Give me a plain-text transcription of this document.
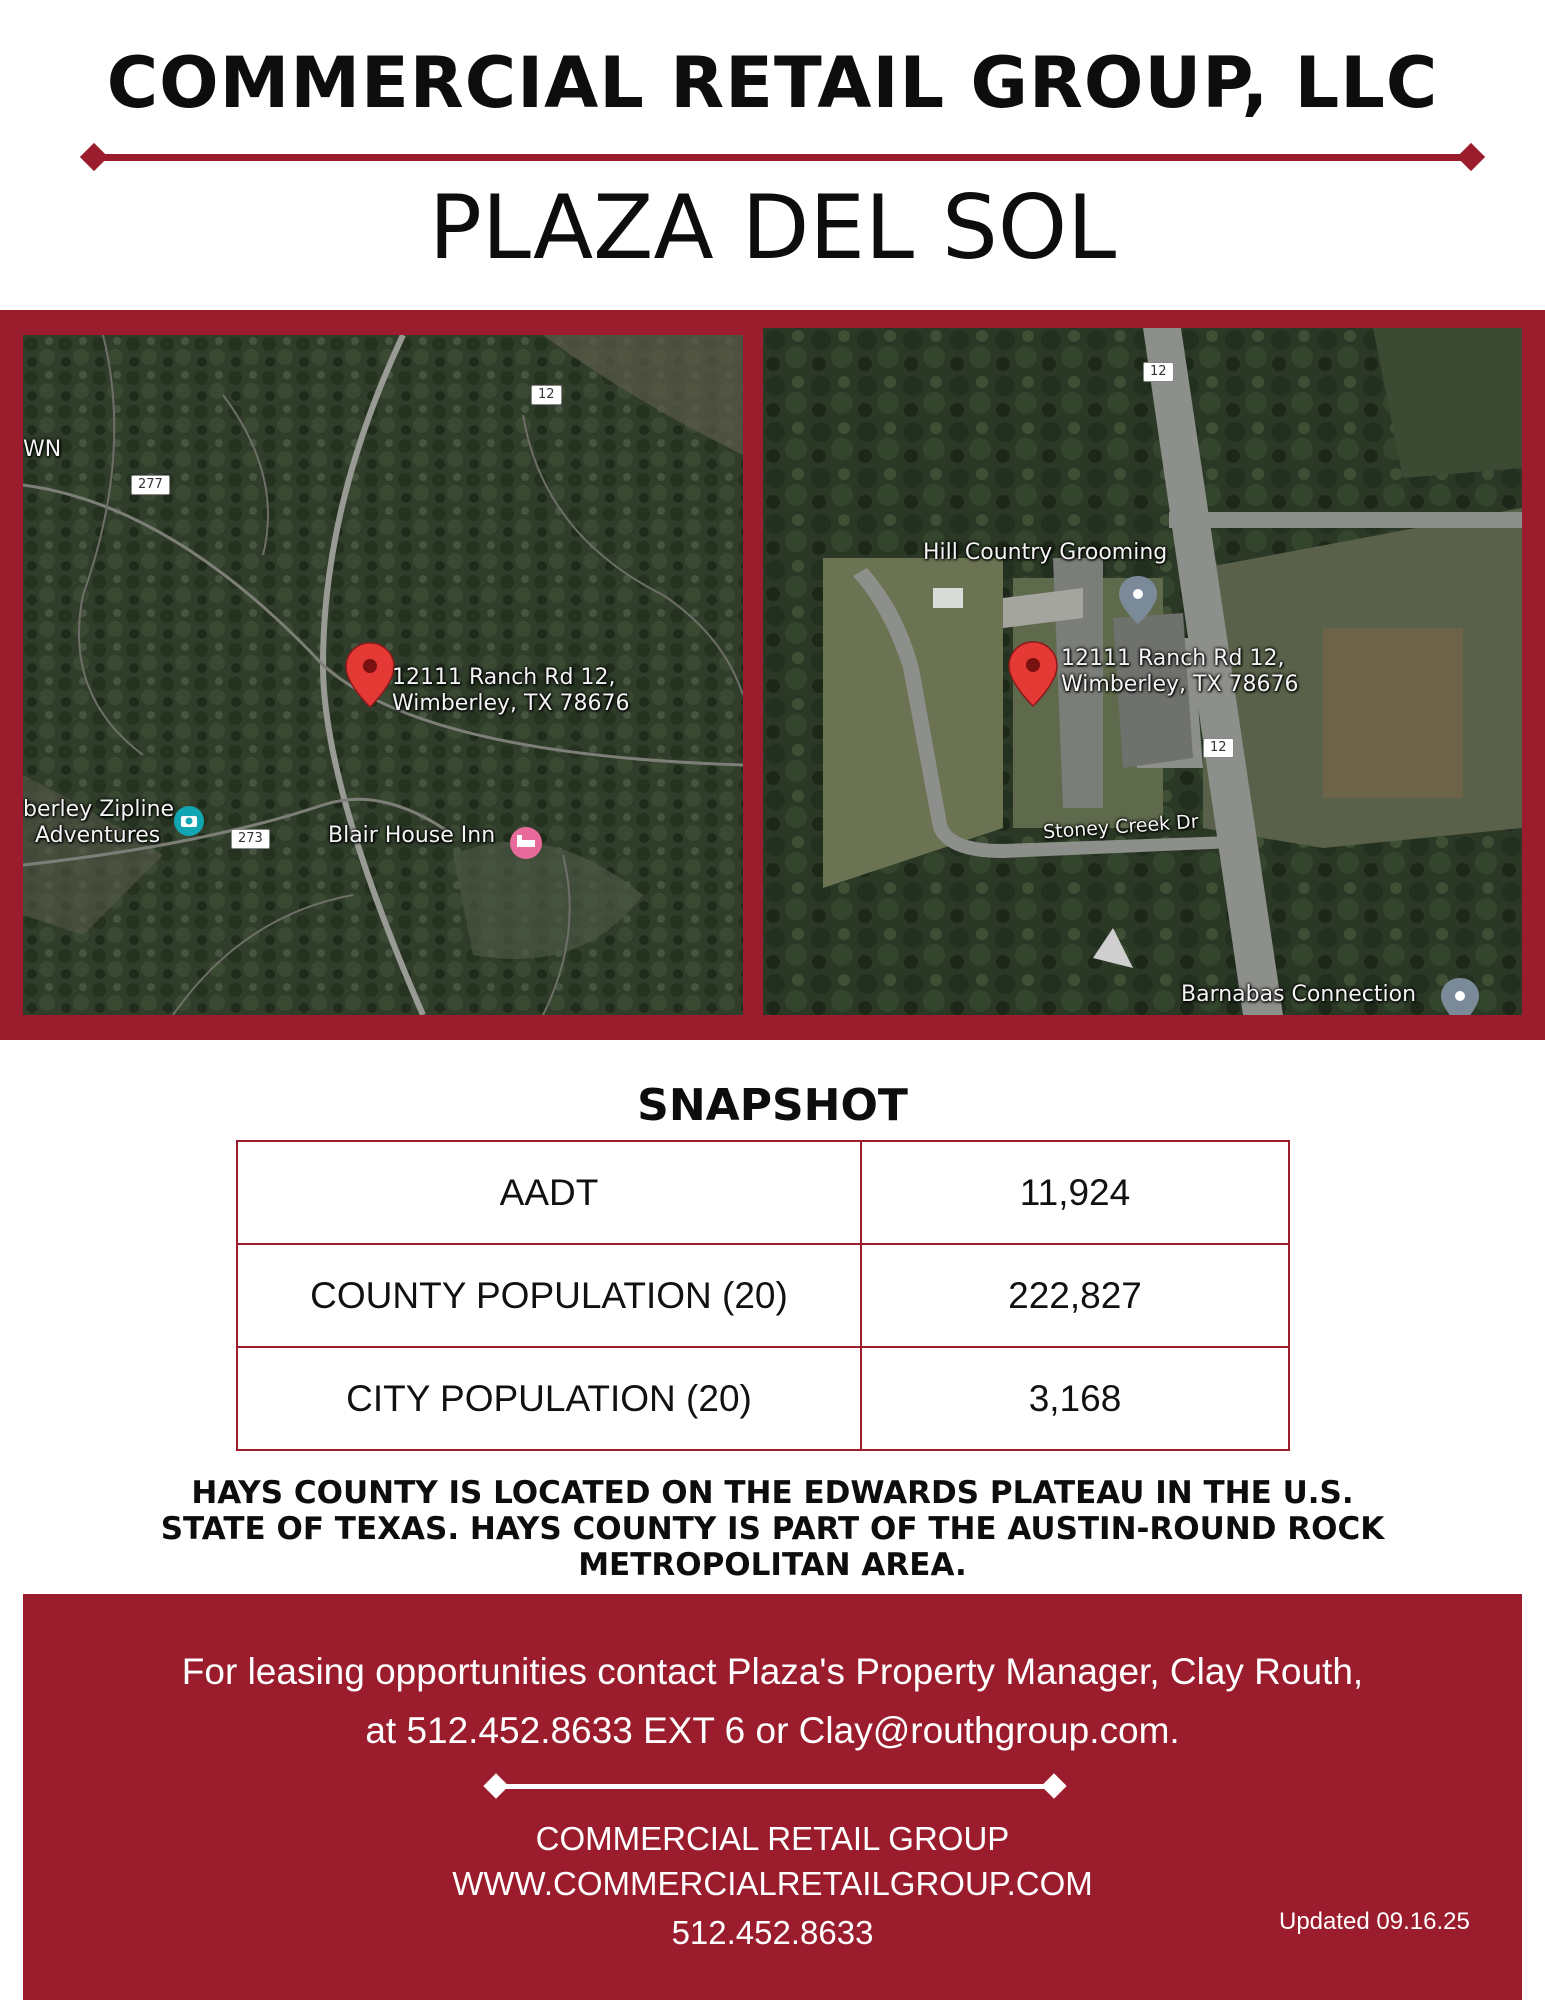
COMMERCIAL RETAIL GROUP, LLC
PLAZA DEL SOL
12111 Ranch Rd 12,
Wimberley, TX 78676
WN
berley Zipline
Adventures	Blair House Inn
12
277
273
12111 Ranch Rd 12,
Wimberley, TX 78676
Hill Country Grooming
Stoney Creek Dr
Barnabas Connection
12
12
SNAPSHOT
AADT	11,924
COUNTY POPULATION (20)	222,827
CITY POPULATION (20)	3,168
HAYS COUNTY IS LOCATED ON THE EDWARDS PLATEAU IN THE U.S.
STATE OF TEXAS. HAYS COUNTY IS PART OF THE AUSTIN-ROUND ROCK
METROPOLITAN AREA.
For leasing opportunities contact Plaza's Property Manager, Clay Routh,
at 512.452.8633 EXT 6 or Clay@routhgroup.com.
COMMERCIAL RETAIL GROUP
WWW.COMMERCIALRETAILGROUP.COM
512.452.8633	Updated 09.16.25
